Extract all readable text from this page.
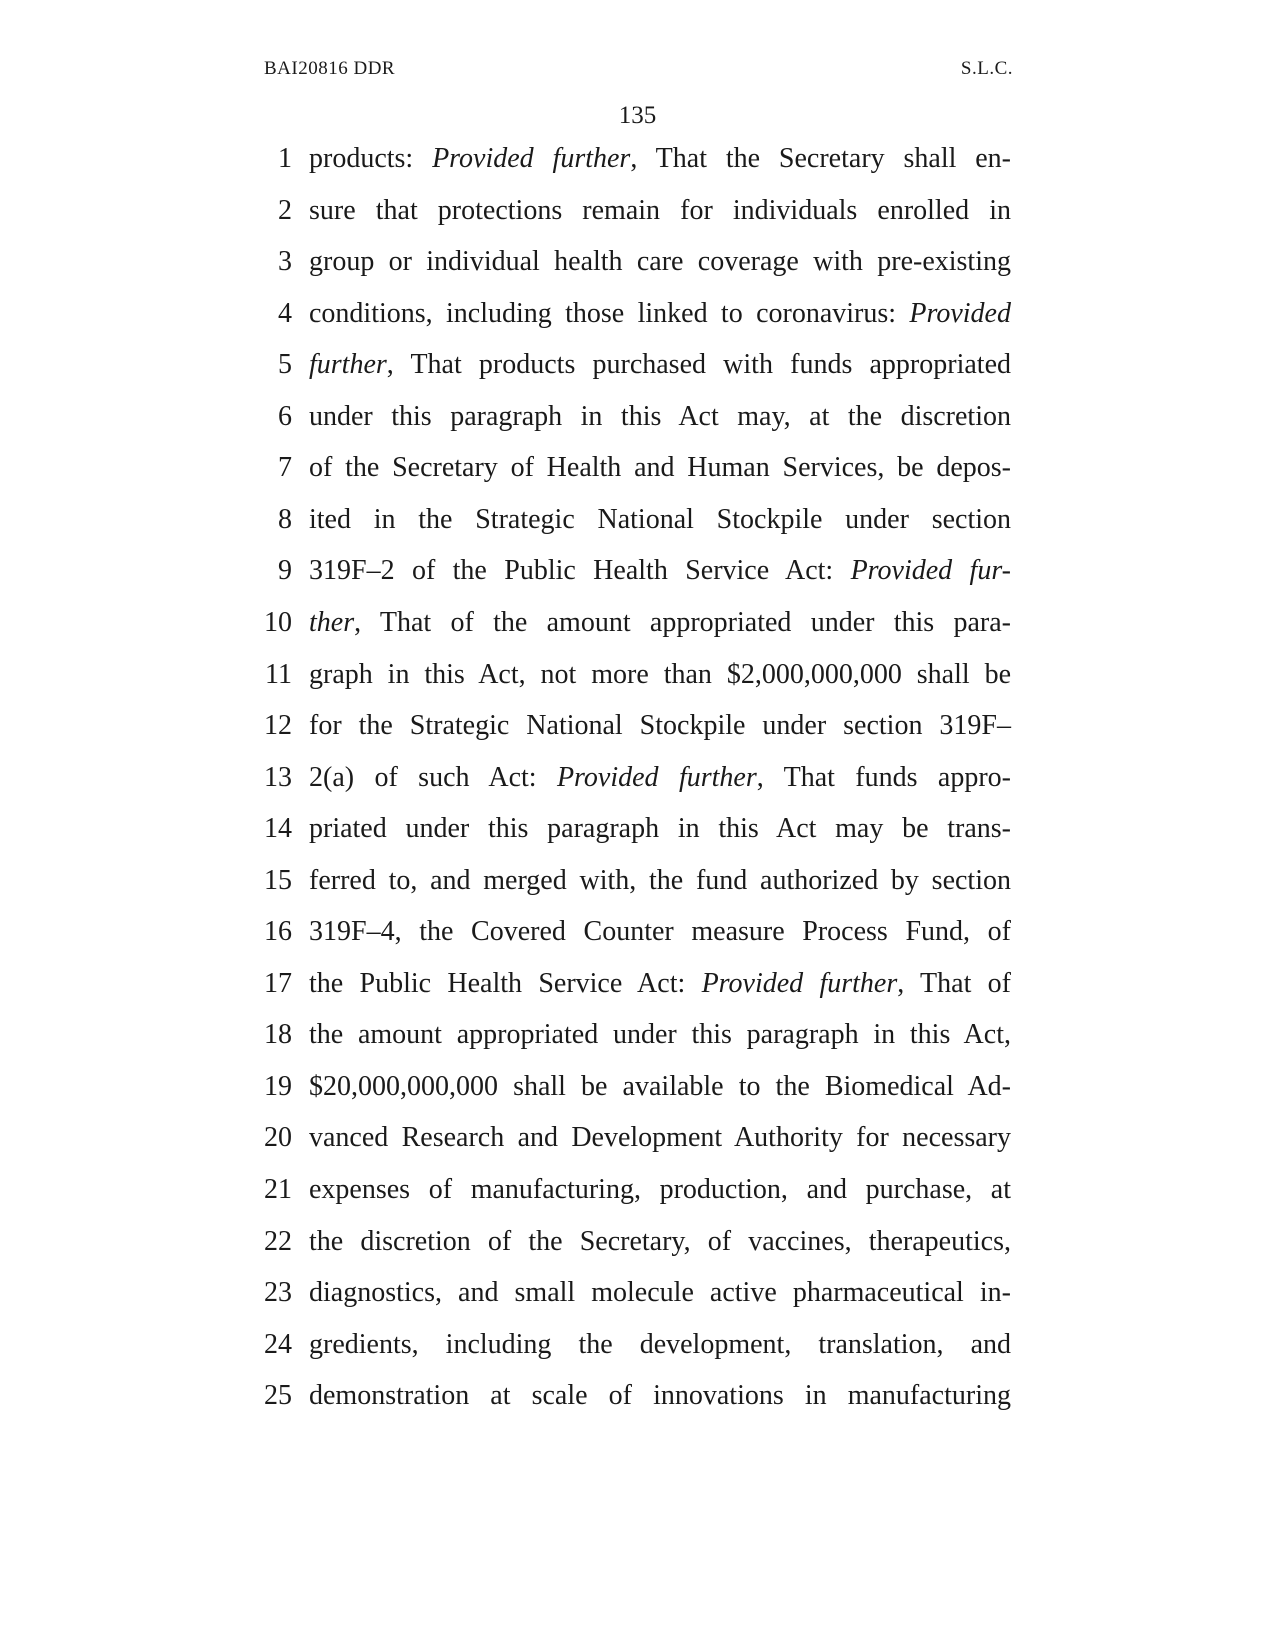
BAI20816 DDR	S.L.C.
135
1 products: Provided further, That the Secretary shall en-
2 sure that protections remain for individuals enrolled in
3 group or individual health care coverage with pre-existing
4 conditions, including those linked to coronavirus: Provided
5 further, That products purchased with funds appropriated
6 under this paragraph in this Act may, at the discretion
7 of the Secretary of Health and Human Services, be depos-
8 ited in the Strategic National Stockpile under section
9 319F–2 of the Public Health Service Act: Provided fur-
10 ther, That of the amount appropriated under this para-
11 graph in this Act, not more than $2,000,000,000 shall be
12 for the Strategic National Stockpile under section 319F–
13 2(a) of such Act: Provided further, That funds appro-
14 priated under this paragraph in this Act may be trans-
15 ferred to, and merged with, the fund authorized by section
16 319F–4, the Covered Counter measure Process Fund, of
17 the Public Health Service Act: Provided further, That of
18 the amount appropriated under this paragraph in this Act,
19 $20,000,000,000 shall be available to the Biomedical Ad-
20 vanced Research and Development Authority for necessary
21 expenses of manufacturing, production, and purchase, at
22 the discretion of the Secretary, of vaccines, therapeutics,
23 diagnostics, and small molecule active pharmaceutical in-
24 gredients, including the development, translation, and
25 demonstration at scale of innovations in manufacturing
